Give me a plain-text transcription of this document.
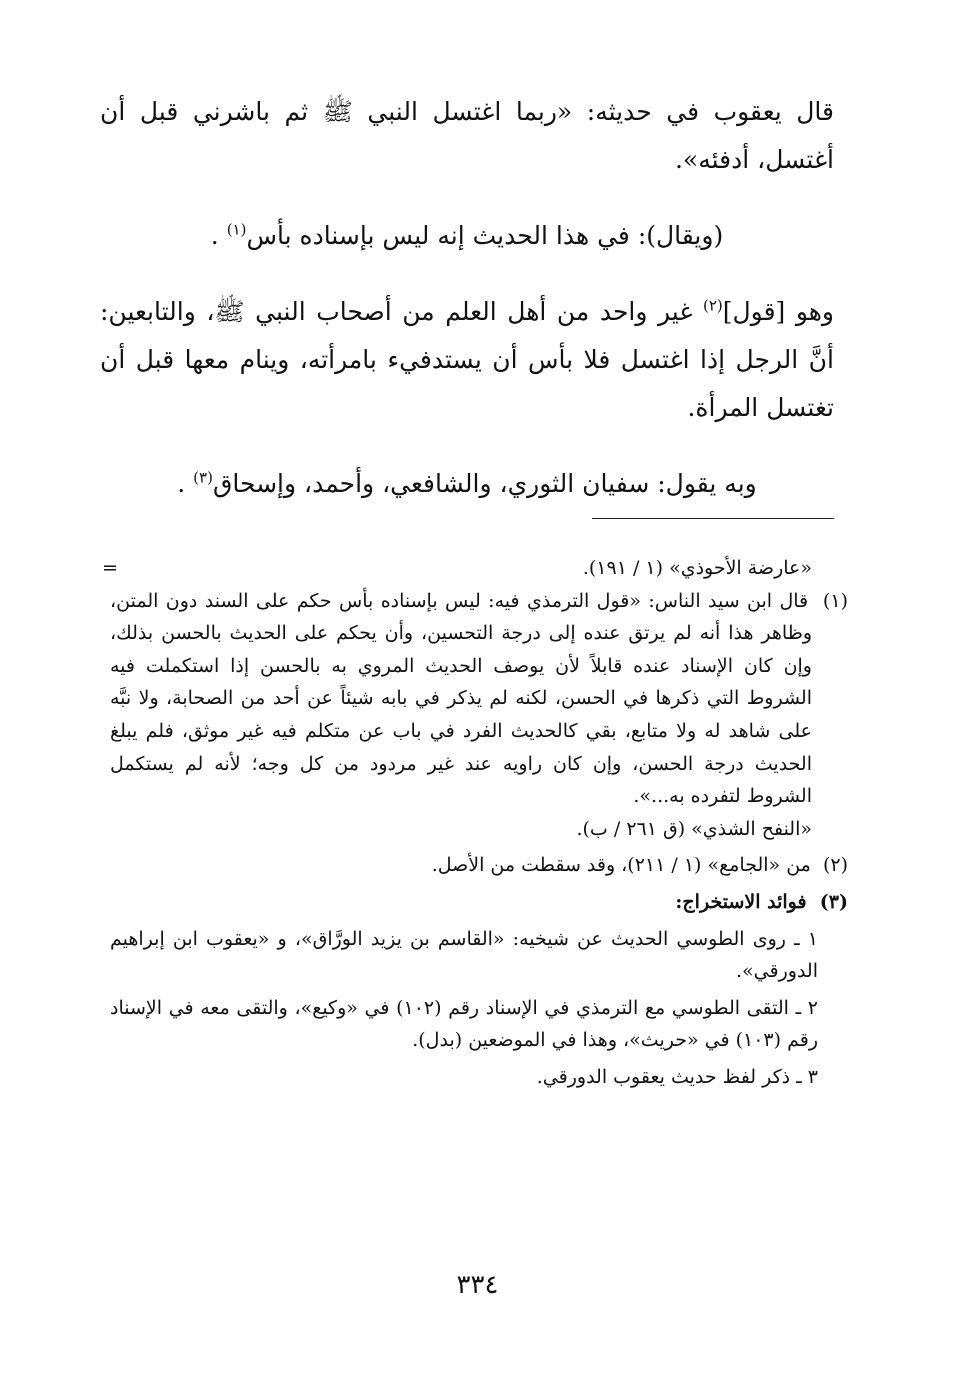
قال يعقوب في حديثه: «ربما اغتسل النبي ﷺ ثم باشرني قبل أن أغتسل، أدفئه».

(ويقال): في هذا الحديث إنه ليس بإسناده بأس$^{(١)}$ .

وهو [قول]$^{(٢)}$ غير واحد من أهل العلم من أصحاب النبي ﷺ، والتابعين: أنَّ الرجل إذا اغتسل فلا بأس أن يستدفيء بامرأته، وينام معها قبل أن تغتسل المرأة.

وبه يقول: سفيان الثوري، والشافعي، وأحمد، وإسحاق$^{(٣)}$ .

=	«عارضة الأحوذي» (١ / ١٩١).

(١)  قال ابن سيد الناس: «قول الترمذي فيه: ليس بإسناده بأس حكم على السند دون المتن، وظاهر هذا أنه لم يرتق عنده إلى درجة التحسين، وأن يحكم على الحديث بالحسن بذلك، وإن كان الإسناد عنده قابلاً لأن يوصف الحديث المروي به بالحسن إذا استكملت فيه الشروط التي ذكرها في الحسن، لكنه لم يذكر في بابه شيئاً عن أحد من الصحابة، ولا نبَّه على شاهد له ولا متابع، بقي كالحديث الفرد في باب عن متكلم فيه غير موثق، فلم يبلغ الحديث درجة الحسن، وإن كان راويه عند غير مردود من كل وجه؛ لأنه لم يستكمل الشروط لتفرده به...».

«النفح الشذي» (ق ٢٦١ / ب).

(٢)  من «الجامع» (١ / ٢١١)، وقد سقطت من الأصل.

(٣)  فوائد الاستخراج:

١ ـ روى الطوسي الحديث عن شيخيه: «القاسم بن يزيد الورَّاق»، و «يعقوب ابن إبراهيم الدورقي».

٢ ـ التقى الطوسي مع الترمذي في الإسناد رقم (١٠٢) في «وكيع»، والتقى معه في الإسناد رقم (١٠٣) في «حريث»، وهذا في الموضعين (بدل).

٣ ـ ذكر لفظ حديث يعقوب الدورقي.

٣٣٤
